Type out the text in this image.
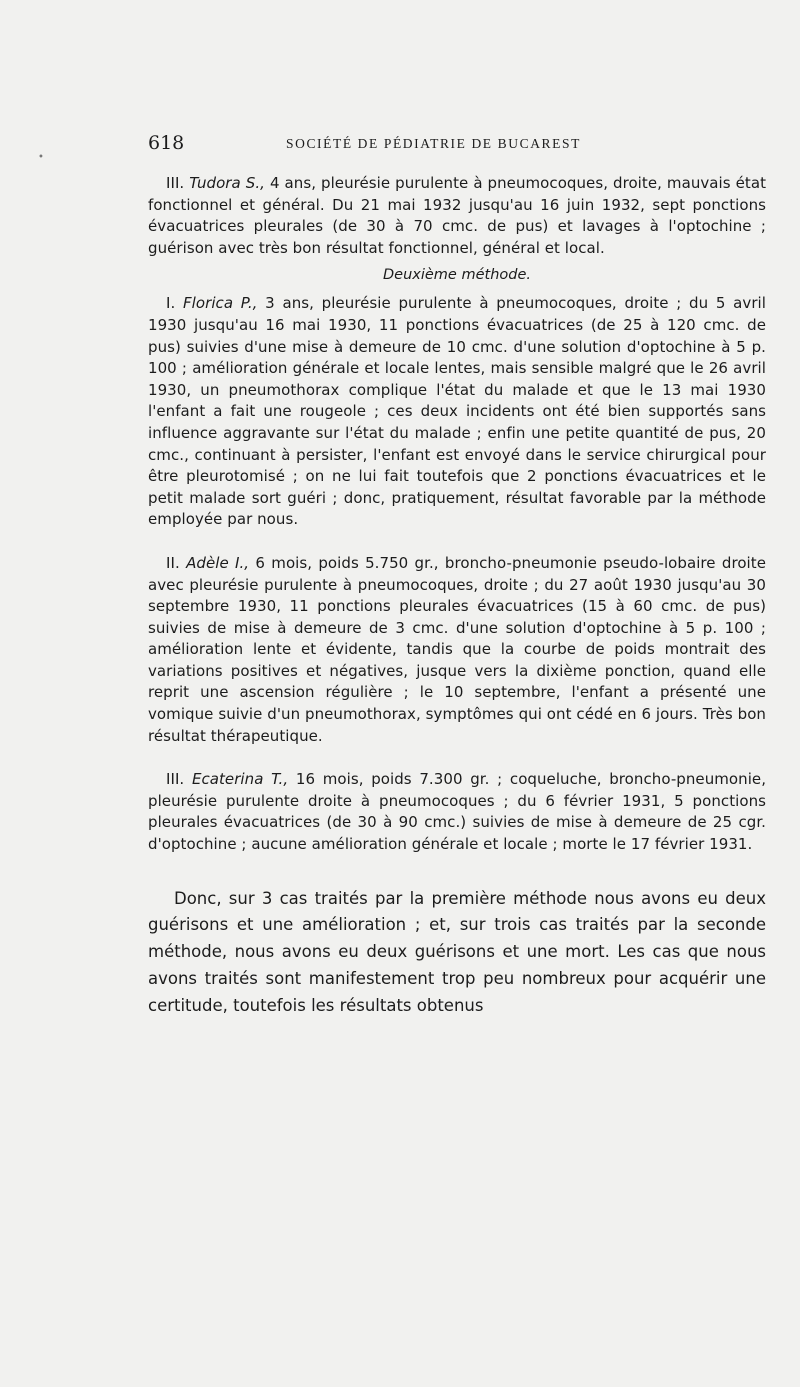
•
618	SOCIÉTÉ DE PÉDIATRIE DE BUCAREST

III. Tudora S., 4 ans, pleurésie purulente à pneumocoques, droite, mauvais état fonctionnel et général. Du 21 mai 1932 jusqu'au 16 juin 1932, sept ponctions évacuatrices pleurales (de 30 à 70 cmc. de pus) et lavages à l'optochine ; guérison avec très bon résultat fonctionnel, général et local.

Deuxième méthode.

I. Florica P., 3 ans, pleurésie purulente à pneumocoques, droite ; du 5 avril 1930 jusqu'au 16 mai 1930, 11 ponctions évacuatrices (de 25 à 120 cmc. de pus) suivies d'une mise à demeure de 10 cmc. d'une solution d'optochine à 5 p. 100 ; amélioration générale et locale lentes, mais sensible malgré que le 26 avril 1930, un pneumothorax complique l'état du malade et que le 13 mai 1930 l'enfant a fait une rougeole ; ces deux incidents ont été bien supportés sans influence aggravante sur l'état du malade ; enfin une petite quantité de pus, 20 cmc., continuant à persister, l'enfant est envoyé dans le service chirurgical pour être pleurotomisé ; on ne lui fait toutefois que 2 ponctions évacuatrices et le petit malade sort guéri ; donc, pratiquement, résultat favorable par la méthode employée par nous.

II. Adèle I., 6 mois, poids 5.750 gr., broncho-pneumonie pseudo-lobaire droite avec pleurésie purulente à pneumocoques, droite ; du 27 août 1930 jusqu'au 30 septembre 1930, 11 ponctions pleurales évacuatrices (15 à 60 cmc. de pus) suivies de mise à demeure de 3 cmc. d'une solution d'optochine à 5 p. 100 ; amélioration lente et évidente, tandis que la courbe de poids montrait des variations positives et négatives, jusque vers la dixième ponction, quand elle reprit une ascension régulière ; le 10 septembre, l'enfant a présenté une vomique suivie d'un pneumothorax, symptômes qui ont cédé en 6 jours. Très bon résultat thérapeutique.

III. Ecaterina T., 16 mois, poids 7.300 gr. ; coqueluche, broncho-pneumonie, pleurésie purulente droite à pneumocoques ; du 6 février 1931, 5 ponctions pleurales évacuatrices (de 30 à 90 cmc.) suivies de mise à demeure de 25 cgr. d'optochine ; aucune amélioration générale et locale ; morte le 17 février 1931.

Donc, sur 3 cas traités par la première méthode nous avons eu deux guérisons et une amélioration ; et, sur trois cas traités par la seconde méthode, nous avons eu deux guérisons et une mort. Les cas que nous avons traités sont manifestement trop peu nombreux pour acquérir une certitude, toutefois les résultats obtenus
